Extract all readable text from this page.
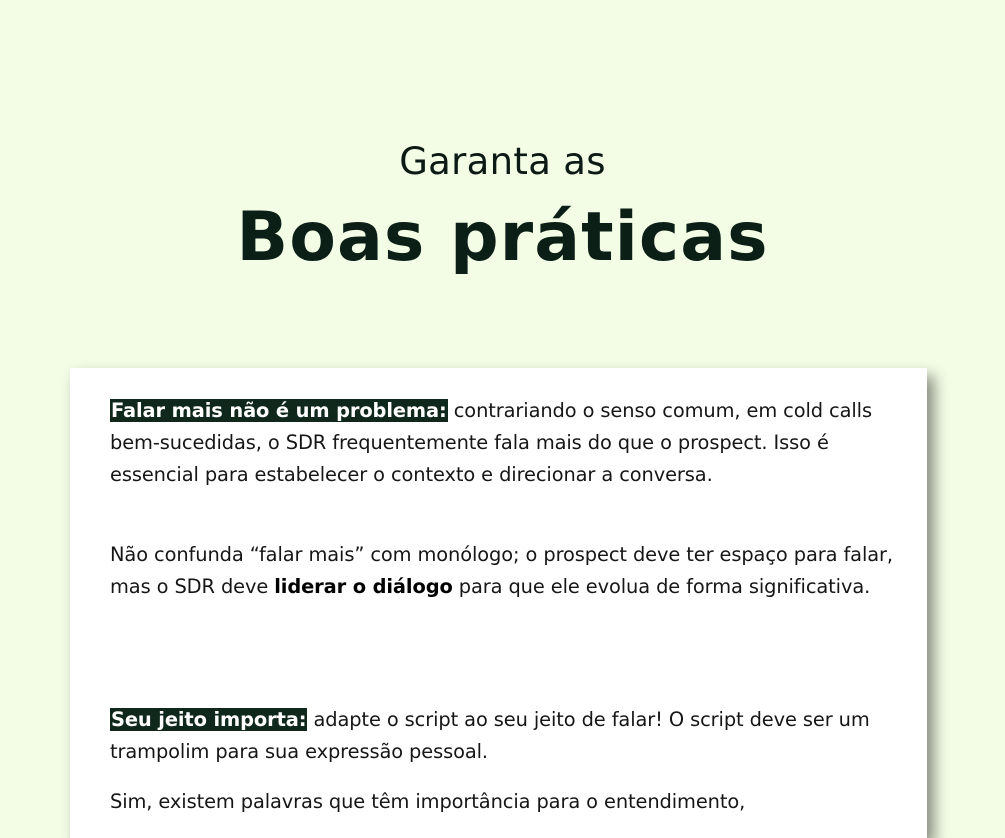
Garanta as
Boas práticas

Falar mais não é um problema: contrariando o senso comum, em cold calls bem-sucedidas, o SDR frequentemente fala mais do que o prospect. Isso é essencial para estabelecer o contexto e direcionar a conversa.

Não confunda “falar mais” com monólogo; o prospect deve ter espaço para falar, mas o SDR deve liderar o diálogo para que ele evolua de forma significativa.

Seu jeito importa: adapte o script ao seu jeito de falar! O script deve ser um trampolim para sua expressão pessoal.

Sim, existem palavras que têm importância para o entendimento,
